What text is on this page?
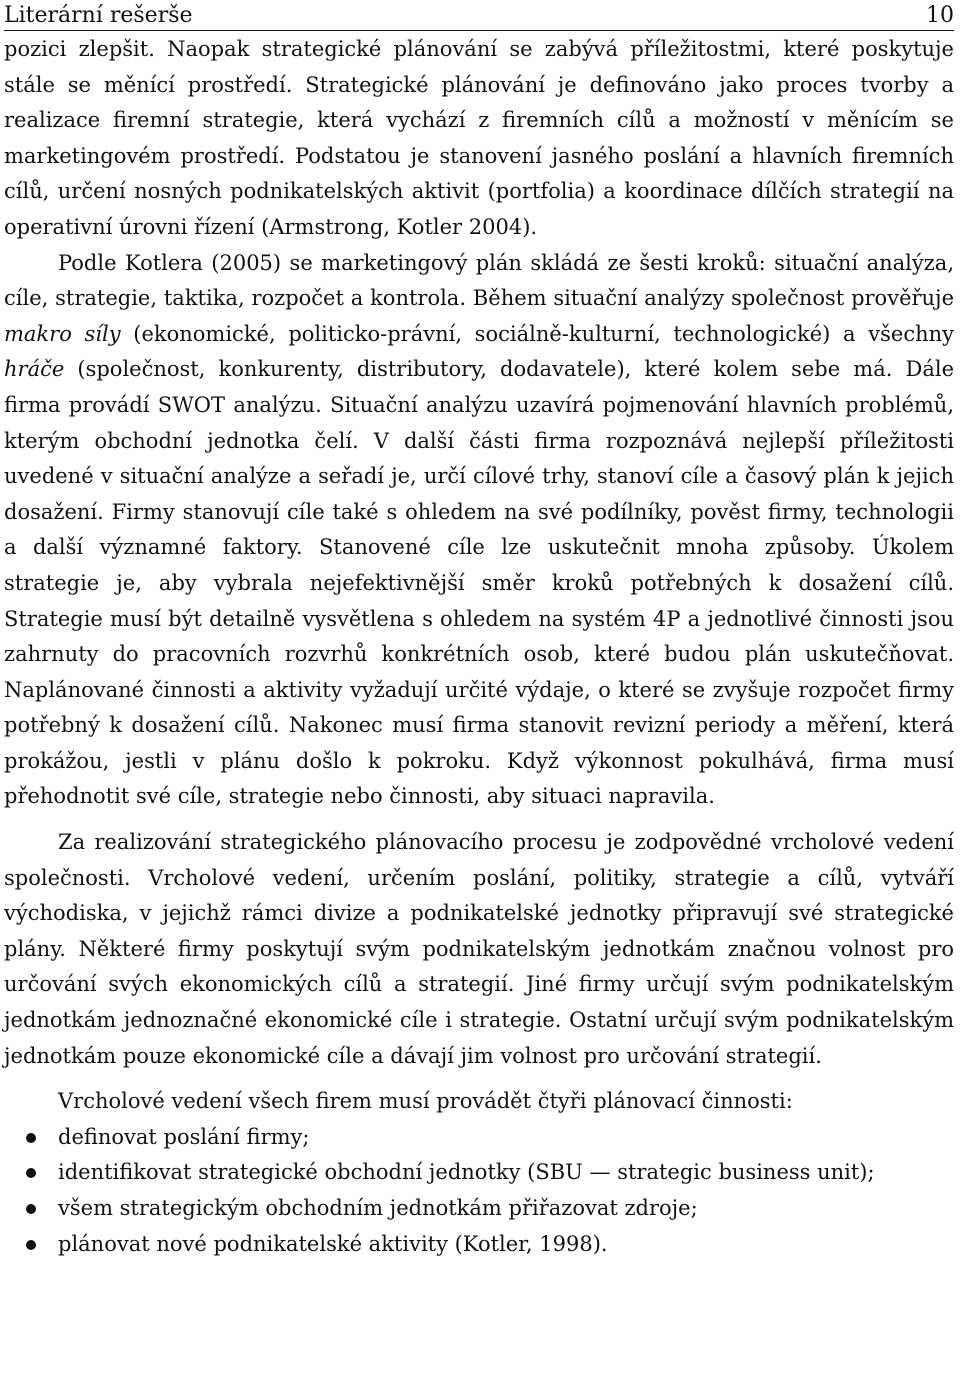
Literární rešerše	10

pozici zlepšit. Naopak strategické plánování se zabývá příležitostmi, které poskytuje stále se měnící prostředí. Strategické plánování je definováno jako proces tvorby a realizace firemní strategie, která vychází z firemních cílů a možností v měnícím se marketingovém prostředí. Podstatou je stanovení jasného poslání a hlavních firemních cílů, určení nosných podnikatelských aktivit (portfolia) a koordinace dílčích strategií na operativní úrovni řízení (Armstrong, Kotler 2004).

Podle Kotlera (2005) se marketingový plán skládá ze šesti kroků: situační analýza, cíle, strategie, taktika, rozpočet a kontrola. Během situační analýzy společnost prověřuje makro síly (ekonomické, politicko-právní, sociálně-kulturní, technologické) a všechny hráče (společnost, konkurenty, distributory, dodavatele), které kolem sebe má. Dále firma provádí SWOT analýzu. Situační analýzu uzavírá pojmenování hlavních problémů, kterým obchodní jednotka čelí. V další části firma rozpoznává nejlepší příležitosti uvedené v situační analýze a seřadí je, určí cílové trhy, stanoví cíle a časový plán k jejich dosažení. Firmy stanovují cíle také s ohledem na své podílníky, pověst firmy, technologii a další významné faktory. Stanovené cíle lze uskutečnit mnoha způsoby. Úkolem strategie je, aby vybrala nejefektivnější směr kroků potřebných k dosažení cílů. Strategie musí být detailně vysvětlena s ohledem na systém 4P a jednotlivé činnosti jsou zahrnuty do pracovních rozvrhů konkrétních osob, které budou plán uskutečňovat. Naplánované činnosti a aktivity vyžadují určité výdaje, o které se zvyšuje rozpočet firmy potřebný k dosažení cílů. Nakonec musí firma stanovit revizní periody a měření, která prokážou, jestli v plánu došlo k pokroku. Když výkonnost pokulhává, firma musí přehodnotit své cíle, strategie nebo činnosti, aby situaci napravila.

Za realizování strategického plánovacího procesu je zodpovědné vrcholové vedení společnosti. Vrcholové vedení, určením poslání, politiky, strategie a cílů, vytváří východiska, v jejichž rámci divize a podnikatelské jednotky připravují své strategické plány. Některé firmy poskytují svým podnikatelským jednotkám značnou volnost pro určování svých ekonomických cílů a strategií. Jiné firmy určují svým podnikatelským jednotkám jednoznačné ekonomické cíle i strategie. Ostatní určují svým podnikatelským jednotkám pouze ekonomické cíle a dávají jim volnost pro určování strategií.

Vrcholové vedení všech firem musí provádět čtyři plánovací činnosti:

definovat poslání firmy;
identifikovat strategické obchodní jednotky (SBU — strategic business unit);
všem strategickým obchodním jednotkám přiřazovat zdroje;
plánovat nové podnikatelské aktivity (Kotler, 1998).
